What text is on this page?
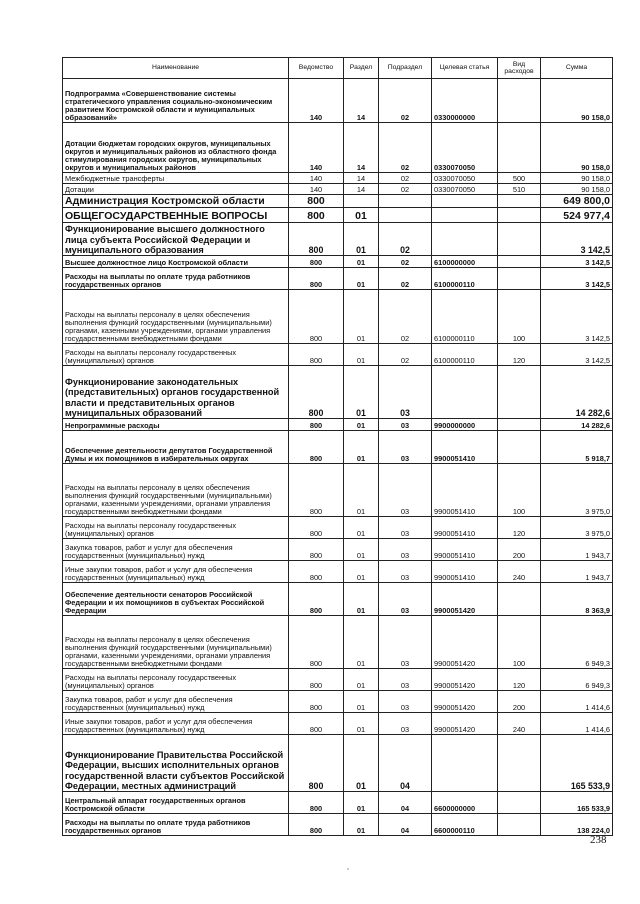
Наименование	Ведомство	Раздел	Подраздел	Целевая статья	Вид расходов	Сумма
Подпрограмма «Совершенствование системы стратегического управления социально-экономическим развитием Костромской области и муниципальных образований»	140	14	02	0330000000		90 158,0
Дотации бюджетам городских округов, муниципальных округов и муниципальных районов из областного фонда стимулирования городских округов, муниципальных округов и муниципальных районов	140	14	02	0330070050		90 158,0
Межбюджетные трансферты	140	14	02	0330070050	500	90 158,0
Дотации	140	14	02	0330070050	510	90 158,0
Администрация Костромской области	800					649 800,0
ОБЩЕГОСУДАРСТВЕННЫЕ ВОПРОСЫ	800	01				524 977,4
Функционирование высшего должностного лица субъекта Российской Федерации и муниципального образования	800	01	02			3 142,5
Высшее должностное лицо Костромской области	800	01	02	6100000000		3 142,5
Расходы на выплаты по оплате труда работников государственных органов	800	01	02	6100000110		3 142,5
Расходы на выплаты персоналу в целях обеспечения выполнения функций государственными (муниципальными) органами, казенными учреждениями, органами управления государственными внебюджетными фондами	800	01	02	6100000110	100	3 142,5
Расходы на выплаты персоналу государственных (муниципальных) органов	800	01	02	6100000110	120	3 142,5
Функционирование законодательных (представительных) органов государственной власти и представительных органов муниципальных образований	800	01	03			14 282,6
Непрограммные расходы	800	01	03	9900000000		14 282,6
Обеспечение деятельности депутатов Государственной Думы и их помощников в избирательных округах	800	01	03	9900051410		5 918,7
Расходы на выплаты персоналу в целях обеспечения выполнения функций государственными (муниципальными) органами, казенными учреждениями, органами управления государственными внебюджетными фондами	800	01	03	9900051410	100	3 975,0
Расходы на выплаты персоналу государственных (муниципальных) органов	800	01	03	9900051410	120	3 975,0
Закупка товаров, работ и услуг для обеспечения государственных (муниципальных) нужд	800	01	03	9900051410	200	1 943,7
Иные закупки товаров, работ и услуг для обеспечения государственных (муниципальных) нужд	800	01	03	9900051410	240	1 943,7
Обеспечение деятельности сенаторов Российской Федерации и их помощников в субъектах Российской Федерации	800	01	03	9900051420		8 363,9
Расходы на выплаты персоналу в целях обеспечения выполнения функций государственными (муниципальными) органами, казенными учреждениями, органами управления государственными внебюджетными фондами	800	01	03	9900051420	100	6 949,3
Расходы на выплаты персоналу государственных (муниципальных) органов	800	01	03	9900051420	120	6 949,3
Закупка товаров, работ и услуг для обеспечения государственных (муниципальных) нужд	800	01	03	9900051420	200	1 414,6
Иные закупки товаров, работ и услуг для обеспечения государственных (муниципальных) нужд	800	01	03	9900051420	240	1 414,6
Функционирование Правительства Российской Федерации, высших исполнительных органов государственной власти субъектов Российской Федерации, местных администраций	800	01	04			165 533,9
Центральный аппарат государственных органов Костромской области	800	01	04	6600000000		165 533,9
Расходы на выплаты по оплате труда работников государственных органов	800	01	04	6600000110		138 224,0
238
